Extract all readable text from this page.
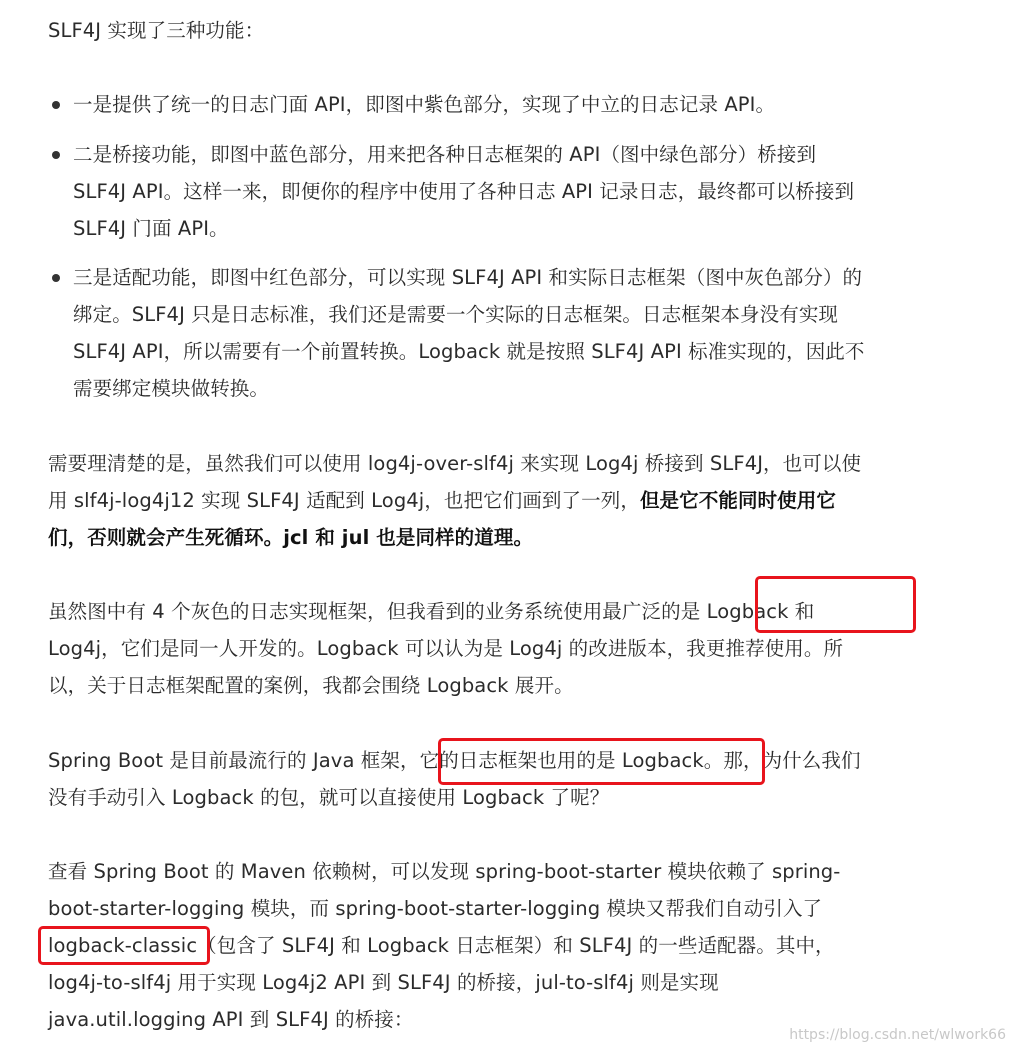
SLF4J 实现了三种功能：
一是提供了统一的日志门面 API，即图中紫色部分，实现了中立的日志记录 API。
二是桥接功能，即图中蓝色部分，用来把各种日志框架的 API（图中绿色部分）桥接到
SLF4J API。这样一来，即便你的程序中使用了各种日志 API 记录日志，最终都可以桥接到
SLF4J 门面 API。
三是适配功能，即图中红色部分，可以实现 SLF4J API 和实际日志框架（图中灰色部分）的
绑定。SLF4J 只是日志标准，我们还是需要一个实际的日志框架。日志框架本身没有实现
SLF4J API，所以需要有一个前置转换。Logback 就是按照 SLF4J API 标准实现的，因此不
需要绑定模块做转换。
需要理清楚的是，虽然我们可以使用 log4j-over-slf4j 来实现 Log4j 桥接到 SLF4J，也可以使
用 slf4j-log4j12 实现 SLF4J 适配到 Log4j，也把它们画到了一列，但是它不能同时使用它
们，否则就会产生死循环。jcl 和 jul 也是同样的道理。
虽然图中有 4 个灰色的日志实现框架，但我看到的业务系统使用最广泛的是 Logback 和
Log4j，它们是同一人开发的。Logback 可以认为是 Log4j 的改进版本，我更推荐使用。所
以，关于日志框架配置的案例，我都会围绕 Logback 展开。
Spring Boot 是目前最流行的 Java 框架，它的日志框架也用的是 Logback。那，为什么我们
没有手动引入 Logback 的包，就可以直接使用 Logback 了呢？
查看 Spring Boot 的 Maven 依赖树，可以发现 spring-boot-starter 模块依赖了 spring-
boot-starter-logging 模块，而 spring-boot-starter-logging 模块又帮我们自动引入了
logback-classic（包含了 SLF4J 和 Logback 日志框架）和 SLF4J 的一些适配器。其中，
log4j-to-slf4j 用于实现 Log4j2 API 到 SLF4J 的桥接，jul-to-slf4j 则是实现
java.util.logging API 到 SLF4J 的桥接：
https://blog.csdn.net/wlwork66
